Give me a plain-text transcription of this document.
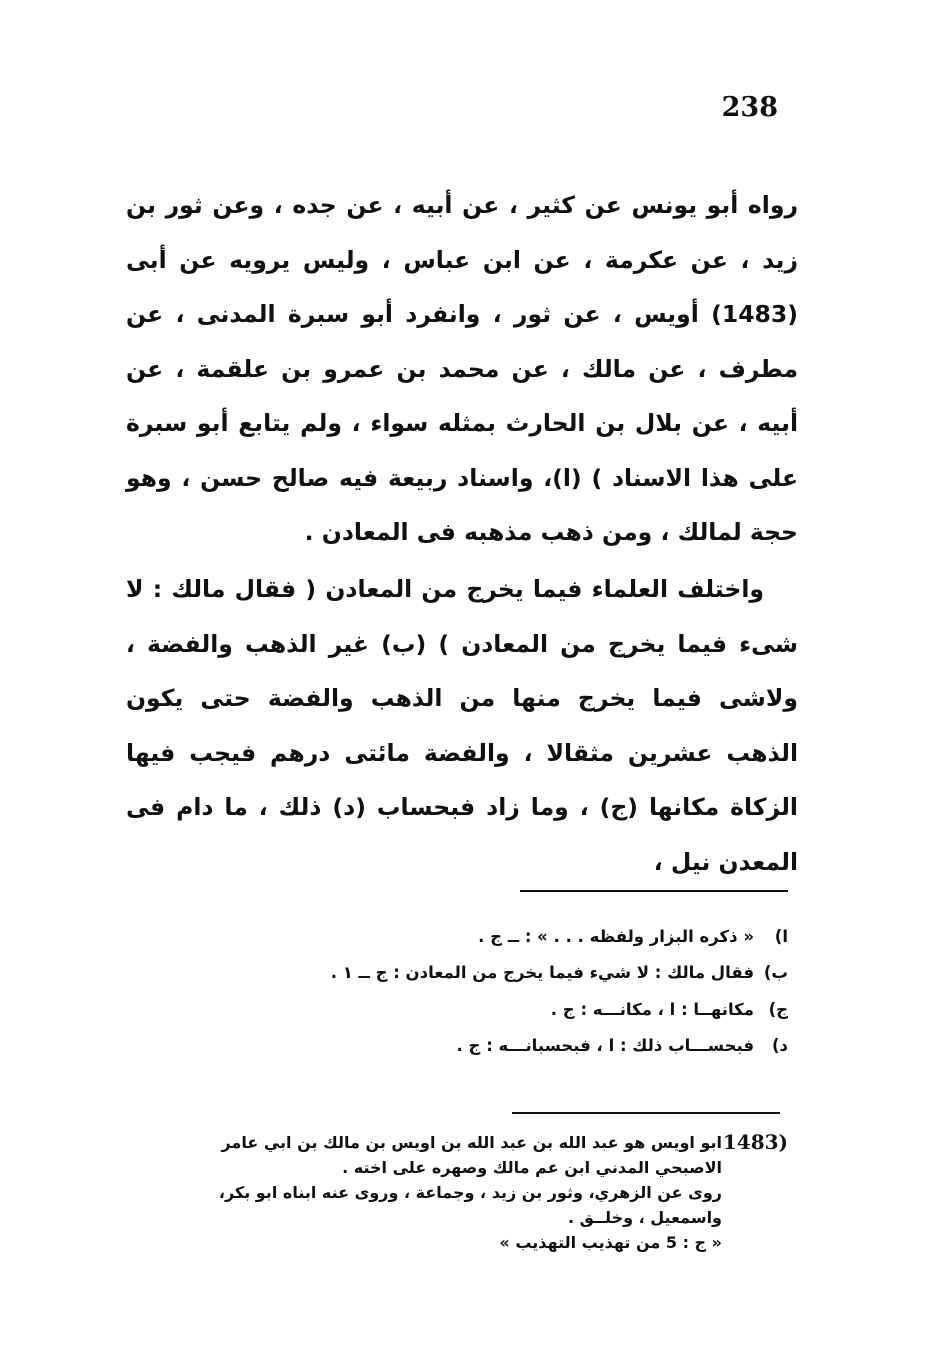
238

رواه أبو يونس عن كثير ، عن أبيه ، عن جده ، وعن ثور بن زيد ، عن عكرمة ، عن ابن عباس ، وليس يرويه عن أبى (1483) أويس ، عن ثور ، وانفرد أبو سبرة المدنى ، عن مطرف ، عن مالك ، عن محمد بن عمرو بن علقمة ، عن أبيه ، عن بلال بن الحارث بمثله سواء ، ولم يتابع أبو سبرة على هذا الاسناد ) (ا)، واسناد ربيعة فيه صالح حسن ، وهو حجة لمالك ، ومن ذهب مذهبه فى المعادن .

واختلف العلماء فيما يخرج من المعادن ( فقال مالك : لا شىء فيما يخرج من المعادن ) (ب) غير الذهب والفضة ، ولاشى فيما يخرج منها من الذهب والفضة حتى يكون الذهب عشرين مثقالا ، والفضة مائتى درهم فيجب فيها الزكاة مكانها (ج) ، وما زاد فبحساب (د) ذلك ، ما دام فى المعدن نيل ،

ا)
« ذكره البزار ولفظه . . . » : ــ ج .
ب)
فقال مالك : لا شيء فيما يخرج من المعادن : ج ــ ١ .
ج)
مكانهــا : ا ، مكانـــه : ج .
د)
فبحســـاب ذلك : ا ، فبحسبانـــه : ج .
1483)
ابو اويس هو عبد الله بن عبد الله بن اويس بن مالك بن ابي عامر
الاصبحي المدني ابن عم مالك وصهره على اخته .
روى عن الزهري، وثور بن زيد ، وجماعة ، وروى عنه ابناه ابو بكر،
واسمعيل ، وخلــق .
« ج : 5 من تهذيب التهذيب »
